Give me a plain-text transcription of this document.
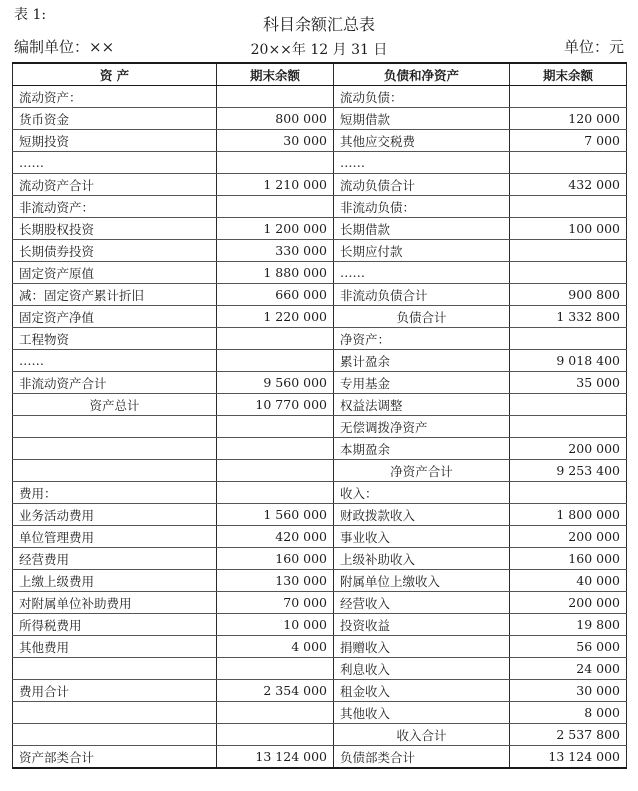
表 1:	科目余额汇总表
编制单位：××	20××年 12 月 31 日	单位：元
资 产	期末余额	负债和净资产	期末余额
流动资产：		流动负债：	
货币资金	800 000	短期借款	120 000
短期投资	30 000	其他应交税费	7 000
……		……	
流动资产合计	1 210 000	流动负债合计	432 000
非流动资产：		非流动负债：	
长期股权投资	1 200 000	长期借款	100 000
长期债券投资	330 000	长期应付款	
固定资产原值	1 880 000	……	
减：固定资产累计折旧	660 000	非流动负债合计	900 800
固定资产净值	1 220 000	负债合计	1 332 800
工程物资		净资产：	
……		累计盈余	9 018 400
非流动资产合计	9 560 000	专用基金	35 000
资产总计	10 770 000	权益法调整	
		无偿调拨净资产	
		本期盈余	200 000
		净资产合计	9 253 400
费用：		收入：	
业务活动费用	1 560 000	财政拨款收入	1 800 000
单位管理费用	420 000	事业收入	200 000
经营费用	160 000	上级补助收入	160 000
上缴上级费用	130 000	附属单位上缴收入	40 000
对附属单位补助费用	70 000	经营收入	200 000
所得税费用	10 000	投资收益	19 800
其他费用	4 000	捐赠收入	56 000
		利息收入	24 000
费用合计	2 354 000	租金收入	30 000
		其他收入	8 000
		收入合计	2 537 800
资产部类合计	13 124 000	负债部类合计	13 124 000
